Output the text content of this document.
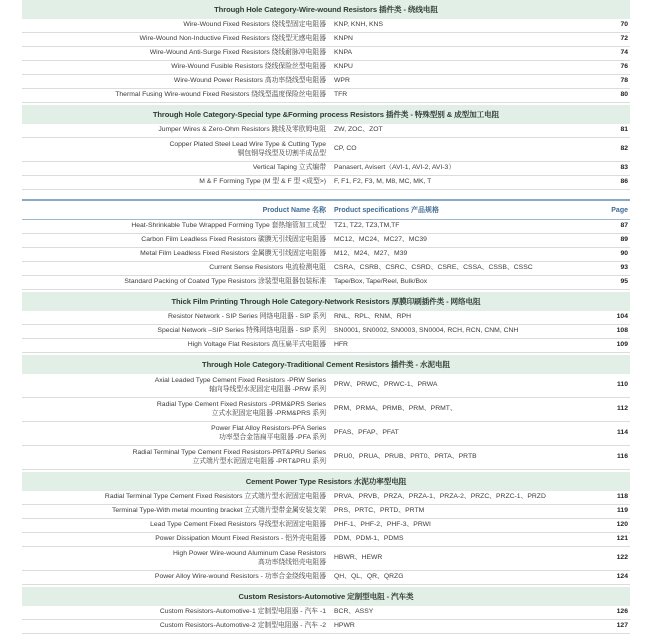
Through Hole Category-Wire-wound Resistors 插件类 - 绕线电阻
Wire-Wound Fixed Resistors 绕线型固定电阻器 KNP, KNH, KNS	70
Wire-Wound Non-Inductive Fixed Resistors 绕线型无感电阻器 KNPN	72
Wire-Wound Anti-Surge Fixed Resistors 绕线耐脉冲电阻器 KNPA	74
Wire-Wound Fusible Resistors 绕线保险丝型电阻器 KNPU	76
Wire-Wound Power Resistors 高功率绕线型电阻器 WPR	78
Thermal Fusing Wire-wound Fixed Resistors 绕线型温度保险丝电阻器 TFR	80
Through Hole Category-Special type &Forming process Resistors 插件类 - 特殊型别 & 成型加工电阻
Jumper Wires & Zero-Ohm Resistors 跳线及零欧姆电阻 ZW, ZOC、ZOT	81
Copper Plated Steel Lead Wire Type & Cutting Type
铜包钢导线型及切割半成品型
CP, CO	82
Vertical Taping 立式编带 Panasert, Avisert（AVI-1, AVI-2, AVI-3）	83
M & F Forming Type (M 型 & F 型 <成型>) F, F1, F2, F3, M, M8, MC, MK, T	86
Product Name 名称	Product specifications 产品规格	Page
Heat-Shrinkable Tube Wrapped Forming Type 套热缩管加工成型 TZ1, TZ2, TZ3,TM,TF	87
Carbon Film Leadless Fixed Resistors 碳膜无引线固定电阻器 MC12、MC24、MC27、MC39	89
Metal Film Leadless Fixed Resistors 金属膜无引线固定电阻器 M12、M24、M27、M39	90
Current Sense Resistors 电流检测电阻 CSRA、CSRB、CSRC、CSRD、CSRE、CSSA、CSSB、CSSC	93
Standard Packing of Coated Type Resistors 涂装型电阻器包装标准 Tape/Box, Tape/Reel, Bulk/Box	95
Thick Film Printing Through Hole Category-Network Resistors 厚膜印刷插件类 - 网络电阻
Resistor Network - SIP Series 网络电阻器 - SIP 系列 RNL、RPL、RNM、RPH	104
Special Network –SIP Series 特殊网络电阻器 - SIP 系列 SN0001, SN0002, SN0003, SN0004, RCH, RCN, CNM, CNH	108
High Voltage Flat Resistors 高压扁平式电阻器 HFR	109
Through Hole Category-Traditional Cement Resistors 插件类 - 水泥电阻
Axial Leaded Type Cement Fixed Resistors -PRW Series
轴向导线型水泥固定电阻器 -PRW 系列
PRW、PRWC、PRWC-1、PRWA	110
Radial Type Cement Fixed Resistors -PRM&PRS Series
立式水泥固定电阻器 -PRM&PRS 系列
PRM、PRMA、PRMB、PRM、PRMT、	112
Power Flat Alloy Resistors-PFA Series
功率型合金箔扁平电阻器 -PFA 系列
PFAS、PFAP、PFAT	114
Radial Terminal Type Cement Fixed Resistors-PRT&PRU Series
立式端片型水泥固定电阻器 -PRT&PRU 系列
PRU0、PRUA、PRUB、PRT0、PRTA、PRTB	116
Cement Power Type Resistors 水泥功率型电阻
Radial Terminal Type Cement Fixed Resistors 立式端片型水泥固定电阻器 PRVA、PRVB、PRZA、PRZA-1、PRZA-2、PRZC、PRZC-1、PRZD	118
Terminal Type-With metal mounting bracket 立式端片型带金属安装支架 PRS、PRTC、PRTD、PRTM	119
Lead Type Cement Fixed Resistors 导线型水泥固定电阻器 PHF-1、PHF-2、PHF-3、PRWI	120
Power Dissipation Mount Fixed Resistors - 铝外壳电阻器 PDM、PDM-1、PDMS	121
High Power Wire-wound Aluminum Case Resistors
高功率绕线铝壳电阻器
HBWR、HEWR	122
Power Alloy Wire-wound Resistors - 功率合金绕线电阻器 QH、QL、QR、QRZG	124
Custom Resistors-Automotive 定制型电阻 - 汽车类
Custom Resistors-Automotive-1 定制型电阻器 - 汽车 -1 BCR、ASSY	126
Custom Resistors-Automotive-2 定制型电阻器 - 汽车 -2 HPWR	127
